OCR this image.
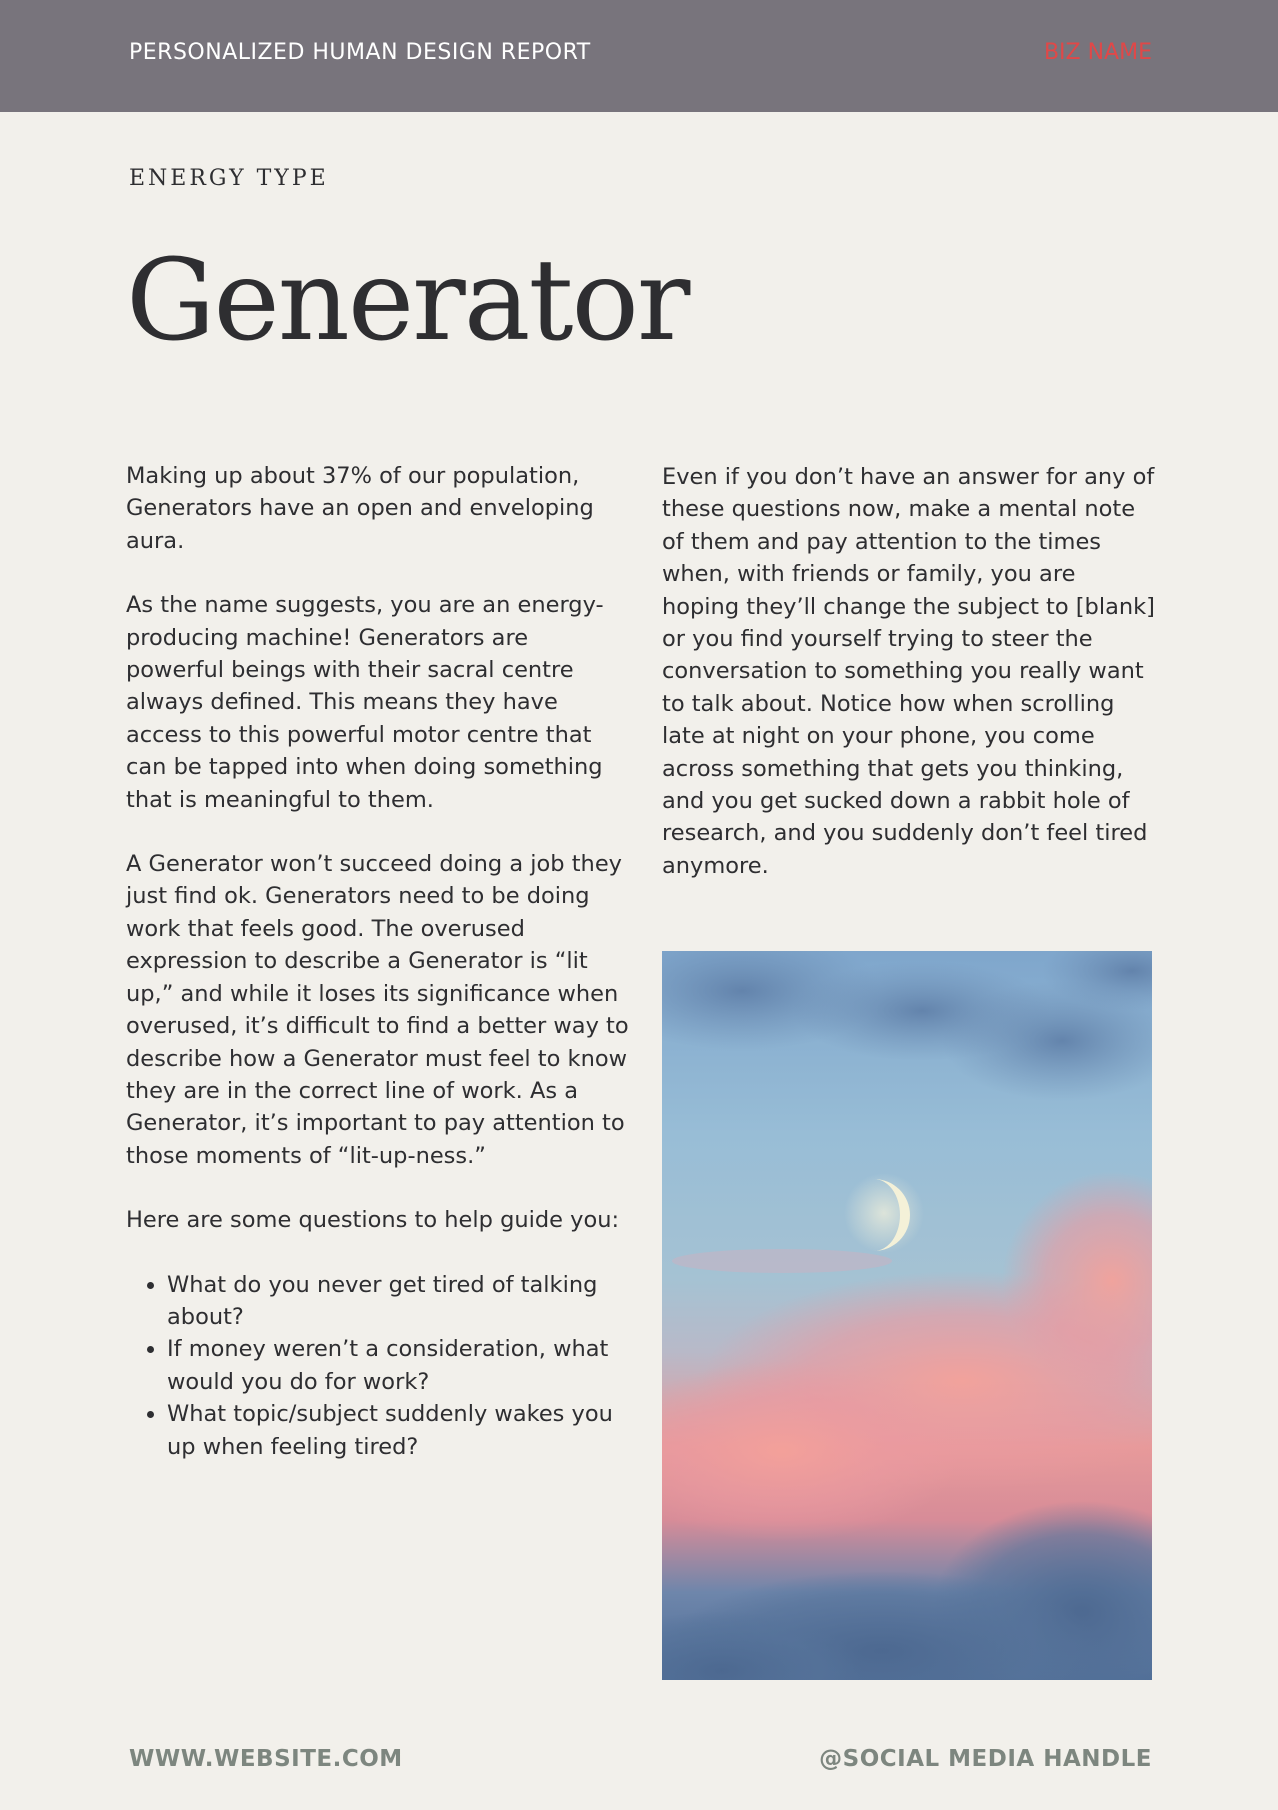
PERSONALIZED HUMAN DESIGN REPORT	BIZ NAME
ENERGY TYPE
Generator

Making up about 37% of our population, Generators have an open and enveloping aura.

As the name suggests, you are an energy-producing machine! Generators are powerful beings with their sacral centre always defined. This means they have access to this powerful motor centre that can be tapped into when doing something that is meaningful to them.

A Generator won’t succeed doing a job they just find ok. Generators need to be doing work that feels good. The overused expression to describe a Generator is “lit up,” and while it loses its significance when overused, it’s difficult to find a better way to describe how a Generator must feel to know they are in the correct line of work. As a Generator, it’s important to pay attention to those moments of “lit-up-ness.”

Here are some questions to help guide you:

• What do you never get tired of talking about?
• If money weren’t a consideration, what would you do for work?
• What topic/subject suddenly wakes you up when feeling tired?

Even if you don’t have an answer for any of these questions now, make a mental note of them and pay attention to the times when, with friends or family, you are hoping they’ll change the subject to [blank] or you find yourself trying to steer the conversation to something you really want to talk about. Notice how when scrolling late at night on your phone, you come across something that gets you thinking, and you get sucked down a rabbit hole of research, and you suddenly don’t feel tired anymore.

WWW.WEBSITE.COM	@SOCIAL MEDIA HANDLE
